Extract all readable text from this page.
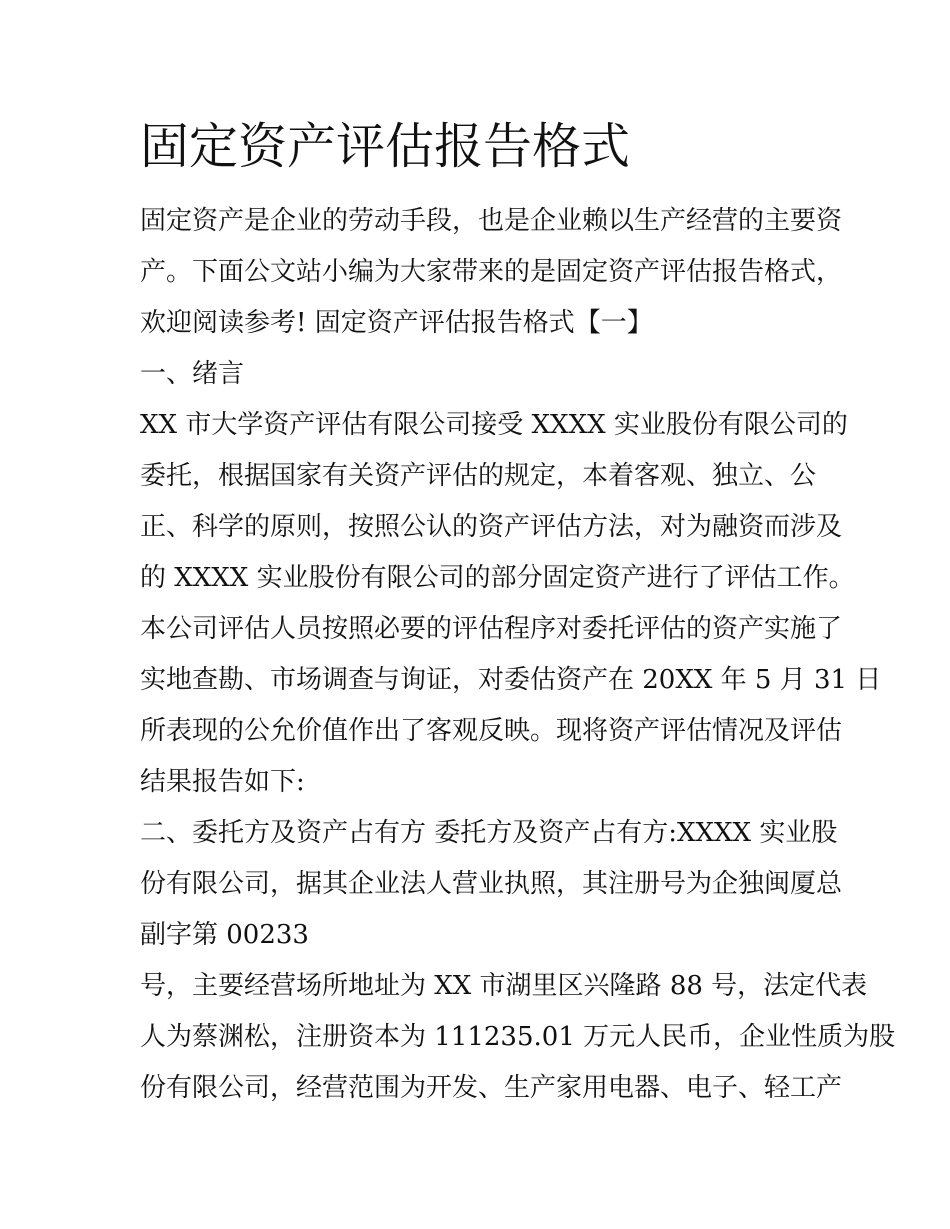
固定资产评估报告格式

固定资产是企业的劳动手段，也是企业赖以生产经营的主要资

产。下面公文站小编为大家带来的是固定资产评估报告格式，

欢迎阅读参考! 固定资产评估报告格式【一】

一、绪言

XX 市大学资产评估有限公司接受 XXXX 实业股份有限公司的

委托，根据国家有关资产评估的规定，本着客观、独立、公

正、科学的原则，按照公认的资产评估方法，对为融资而涉及

的 XXXX 实业股份有限公司的部分固定资产进行了评估工作。

本公司评估人员按照必要的评估程序对委托评估的资产实施了

实地查勘、市场调查与询证，对委估资产在 20XX 年 5 月 31 日

所表现的公允价值作出了客观反映。现将资产评估情况及评估

结果报告如下:

二、委托方及资产占有方 委托方及资产占有方:XXXX 实业股

份有限公司，据其企业法人营业执照，其注册号为企独闽厦总

副字第 00233

号，主要经营场所地址为 XX 市湖里区兴隆路 88 号，法定代表

人为蔡渊松，注册资本为 111235.01 万元人民币，企业性质为股

份有限公司，经营范围为开发、生产家用电器、电子、轻工产
